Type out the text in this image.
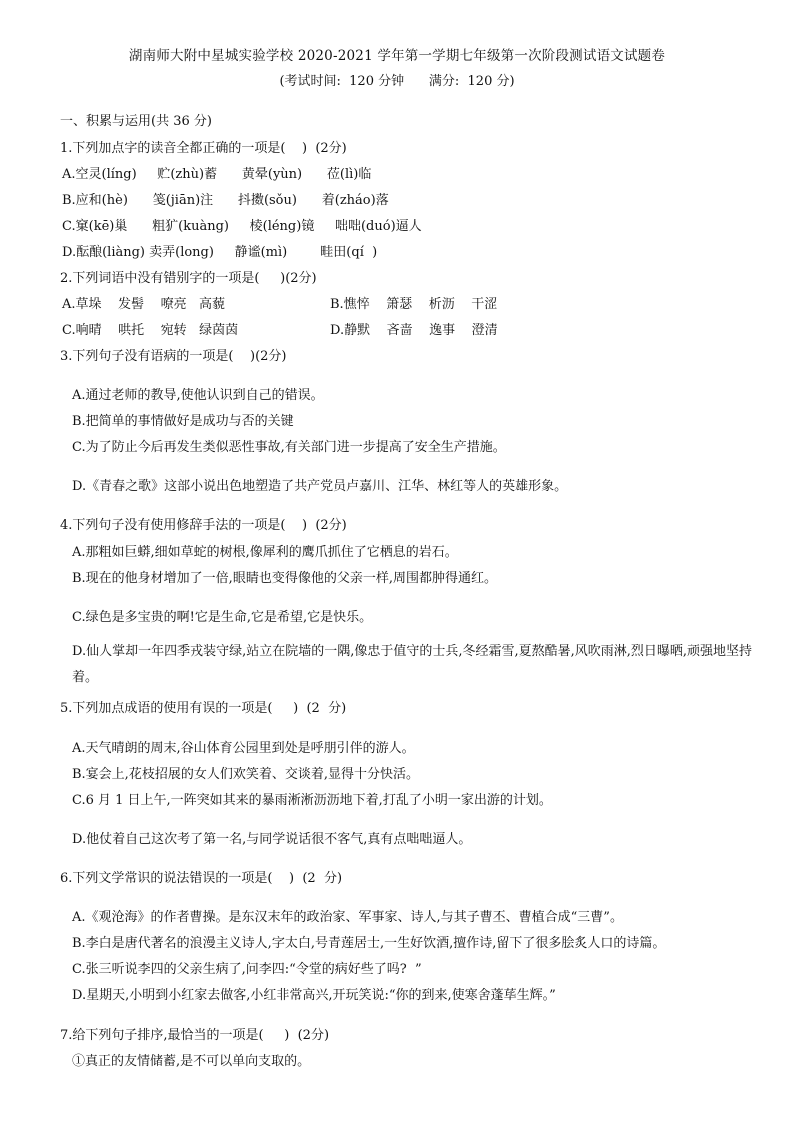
湖南师大附中星城实验学校 2020-2021 学年第一学期七年级第一次阶段测试语文试题卷
(考试时间:  120 分钟      满分:  120 分)
一、积累与运用(共 36 分)
1.下列加点字的读音全都正确的一项是(    )  (2分)
A.空灵(líng)     贮(zhù)蓄      黄晕(yùn)      莅(lì)临
B.应和(hè)      笺(jiān)注      抖擞(sǒu)      着(zháo)落
C.窠(kē)巢      粗犷(kuàng)     棱(léng)镜     咄咄(duó)逼人
D.酝酿(liàng) 卖弄(long)     静谧(mì)        畦田(qí  )
2.下列词语中没有错别字的一项是(     )(2分)
A.草垛    发髻    嘹亮   高藐	B.憔悴    箫瑟    析沥    干涩
C.响晴    哄托    宛转   绿茵茵	D.静默    吝啬    逸事    澄清
3.下列句子没有语病的一项是(    )(2分)
A.通过老师的教导,使他认识到自己的错误。
B.把简单的事情做好是成功与否的关键
C.为了防止今后再发生类似恶性事故,有关部门进一步提高了安全生产措施。
D.《青春之歌》这部小说出色地塑造了共产党员卢嘉川、江华、林红等人的英雄形象。
4.下列句子没有使用修辞手法的一项是(    )  (2分)
A.那粗如巨蟒,细如草蛇的树根,像犀利的鹰爪抓住了它栖息的岩石。
B.现在的他身材增加了一倍,眼睛也变得像他的父亲一样,周围都肿得通红。
C.绿色是多宝贵的啊!它是生命,它是希望,它是快乐。
D.仙人掌却一年四季戎装守绿,站立在院墙的一隅,像忠于值守的士兵,冬经霜雪,夏熬酷暑,风吹雨淋,烈日曝晒,顽强地坚持着。
5.下列加点成语的使用有误的一项是(     )  (2  分)
A.天气晴朗的周末,谷山体育公园里到处是呼朋引伴的游人。
B.宴会上,花枝招展的女人们欢笑着、交谈着,显得十分快活。
C.6 月 1 日上午,一阵突如其来的暴雨淅淅沥沥地下着,打乱了小明一家出游的计划。
D.他仗着自己这次考了第一名,与同学说话很不客气,真有点咄咄逼人。
6.下列文学常识的说法错误的一项是(    )  (2  分)
A.《观沧海》的作者曹操。是东汉末年的政治家、军事家、诗人,与其子曹丕、曹植合成“三曹”。
B.李白是唐代著名的浪漫主义诗人,字太白,号青莲居士,一生好饮酒,擅作诗,留下了很多脍炙人口的诗篇。
C.张三听说李四的父亲生病了,问李四:“令堂的病好些了吗?  ”
D.星期天,小明到小红家去做客,小红非常高兴,开玩笑说:“你的到来,使寒舍蓬荜生辉。”
7.给下列句子排序,最恰当的一项是(     )  (2分)
①真正的友情储蓄,是不可以单向支取的。
